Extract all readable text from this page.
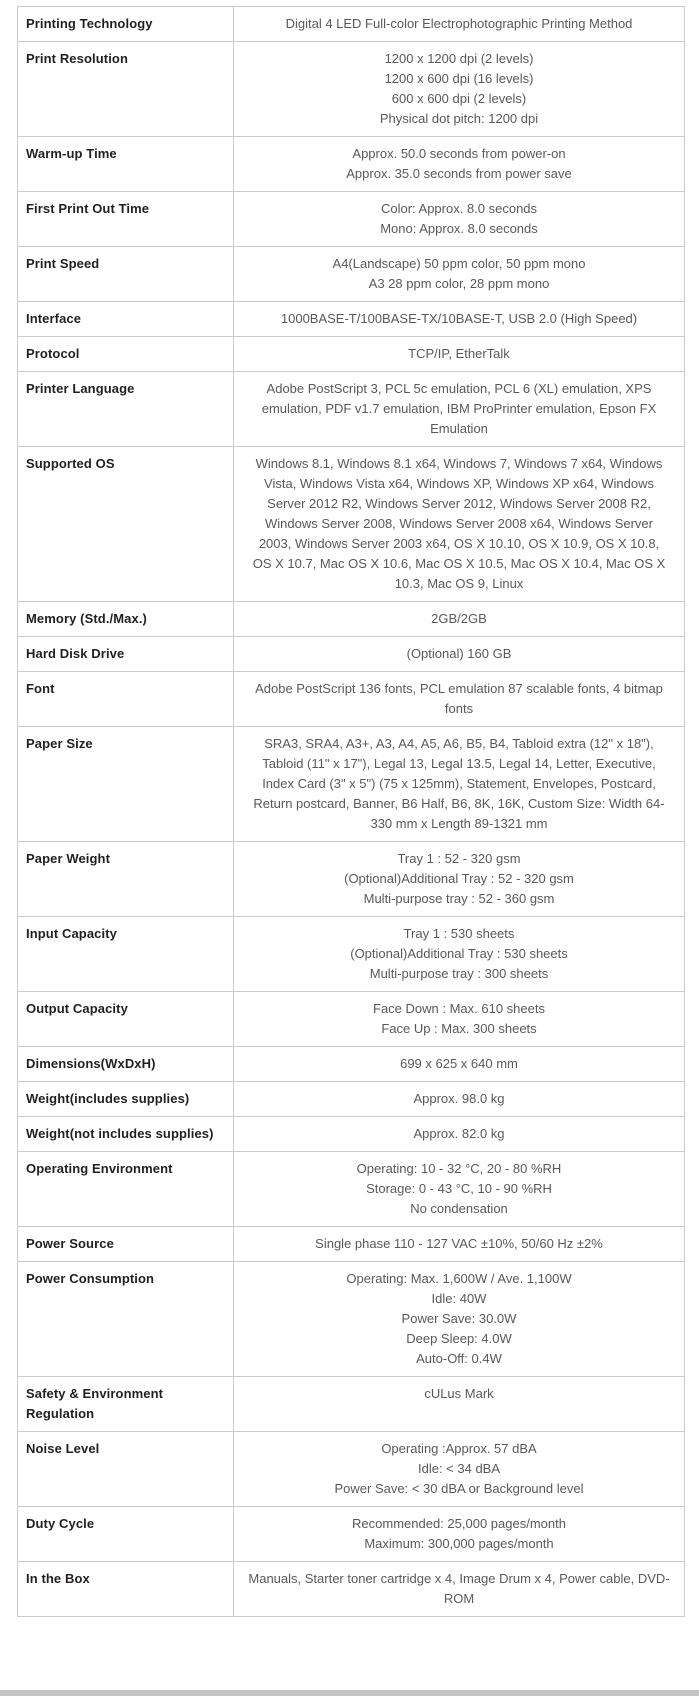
Printing Technology	Digital 4 LED Full-color Electrophotographic Printing Method

Print Resolution	1200 x 1200 dpi (2 levels)
1200 x 600 dpi (16 levels)
600 x 600 dpi (2 levels)
Physical dot pitch: 1200 dpi

Warm-up Time	Approx. 50.0 seconds from power-on
Approx. 35.0 seconds from power save

First Print Out Time	Color: Approx. 8.0 seconds
Mono: Approx. 8.0 seconds

Print Speed	A4(Landscape) 50 ppm color, 50 ppm mono
A3 28 ppm color, 28 ppm mono

Interface	1000BASE-T/100BASE-TX/10BASE-T, USB 2.0 (High Speed)

Protocol	TCP/IP, EtherTalk

Printer Language	Adobe PostScript 3, PCL 5c emulation, PCL 6 (XL) emulation, XPS emulation, PDF v1.7 emulation, IBM ProPrinter emulation, Epson FX Emulation

Supported OS	Windows 8.1, Windows 8.1 x64, Windows 7, Windows 7 x64, Windows Vista, Windows Vista x64, Windows XP, Windows XP x64, Windows Server 2012 R2, Windows Server 2012, Windows Server 2008 R2, Windows Server 2008, Windows Server 2008 x64, Windows Server 2003, Windows Server 2003 x64, OS X 10.10, OS X 10.9, OS X 10.8, OS X 10.7, Mac OS X 10.6, Mac OS X 10.5, Mac OS X 10.4, Mac OS X 10.3, Mac OS 9, Linux

Memory (Std./Max.)	2GB/2GB

Hard Disk Drive	(Optional) 160 GB

Font	Adobe PostScript 136 fonts, PCL emulation 87 scalable fonts, 4 bitmap fonts

Paper Size	SRA3, SRA4, A3+, A3, A4, A5, A6, B5, B4, Tabloid extra (12" x 18"), Tabloid (11" x 17"), Legal 13, Legal 13.5, Legal 14, Letter, Executive, Index Card (3" x 5") (75 x 125mm), Statement, Envelopes, Postcard, Return postcard, Banner, B6 Half, B6, 8K, 16K, Custom Size: Width 64-330 mm x Length 89-1321 mm

Paper Weight	Tray 1 : 52 - 320 gsm
(Optional)Additional Tray : 52 - 320 gsm
Multi-purpose tray : 52 - 360 gsm

Input Capacity	Tray 1 : 530 sheets
(Optional)Additional Tray : 530 sheets
Multi-purpose tray : 300 sheets

Output Capacity	Face Down : Max. 610 sheets
Face Up : Max. 300 sheets

Dimensions(WxDxH)	699 x 625 x 640 mm

Weight(includes supplies)	Approx. 98.0 kg

Weight(not includes supplies)	Approx. 82.0 kg

Operating Environment	Operating: 10 - 32 °C, 20 - 80 %RH
Storage: 0 - 43 °C, 10 - 90 %RH
No condensation

Power Source	Single phase 110 - 127 VAC ±10%, 50/60 Hz ±2%

Power Consumption	Operating: Max. 1,600W / Ave. 1,100W
Idle: 40W
Power Save: 30.0W
Deep Sleep: 4.0W
Auto-Off: 0.4W

Safety & Environment Regulation	cULus Mark

Noise Level	Operating :Approx. 57 dBA
Idle: < 34 dBA
Power Save: < 30 dBA or Background level

Duty Cycle	Recommended: 25,000 pages/month
Maximum: 300,000 pages/month

In the Box	Manuals, Starter toner cartridge x 4, Image Drum x 4, Power cable, DVD-ROM
